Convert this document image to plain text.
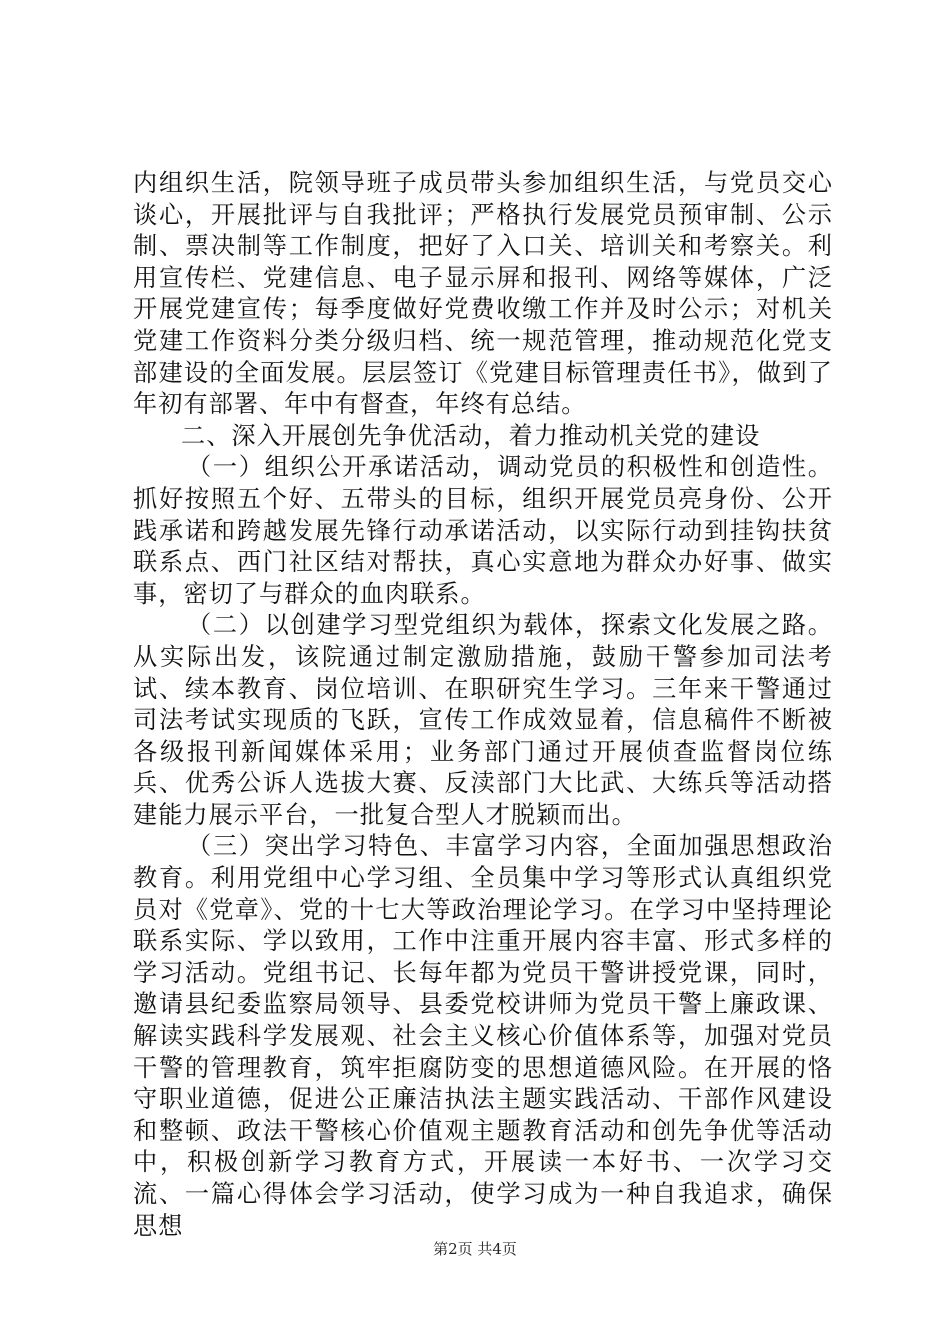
内组织生活，院领导班子成员带头参加组织生活，与党员交心谈心，开展批评与自我批评；严格执行发展党员预审制、公示制、票决制等工作制度，把好了入口关、培训关和考察关。利用宣传栏、党建信息、电子显示屏和报刊、网络等媒体，广泛开展党建宣传；每季度做好党费收缴工作并及时公示；对机关党建工作资料分类分级归档、统一规范管理，推动规范化党支部建设的全面发展。层层签订《党建目标管理责任书》，做到了年初有部署、年中有督查，年终有总结。

二、深入开展创先争优活动，着力推动机关党的建设

（一）组织公开承诺活动，调动党员的积极性和创造性。抓好按照五个好、五带头的目标，组织开展党员亮身份、公开践承诺和跨越发展先锋行动承诺活动，以实际行动到挂钩扶贫联系点、西门社区结对帮扶，真心实意地为群众办好事、做实事，密切了与群众的血肉联系。

（二）以创建学习型党组织为载体，探索文化发展之路。从实际出发，该院通过制定激励措施，鼓励干警参加司法考试、续本教育、岗位培训、在职研究生学习。三年来干警通过司法考试实现质的飞跃，宣传工作成效显着，信息稿件不断被各级报刊新闻媒体采用；业务部门通过开展侦查监督岗位练兵、优秀公诉人选拔大赛、反渎部门大比武、大练兵等活动搭建能力展示平台，一批复合型人才脱颖而出。

（三）突出学习特色、丰富学习内容，全面加强思想政治教育。利用党组中心学习组、全员集中学习等形式认真组织党员对《党章》、党的十七大等政治理论学习。在学习中坚持理论联系实际、学以致用，工作中注重开展内容丰富、形式多样的学习活动。党组书记、长每年都为党员干警讲授党课，同时，邀请县纪委监察局领导、县委党校讲师为党员干警上廉政课、解读实践科学发展观、社会主义核心价值体系等，加强对党员干警的管理教育，筑牢拒腐防变的思想道德风险。在开展的恪守职业道德，促进公正廉洁执法主题实践活动、干部作风建设和整顿、政法干警核心价值观主题教育活动和创先争优等活动中，积极创新学习教育方式，开展读一本好书、一次学习交流、一篇心得体会学习活动，使学习成为一种自我追求，确保思想

第2页 共4页
